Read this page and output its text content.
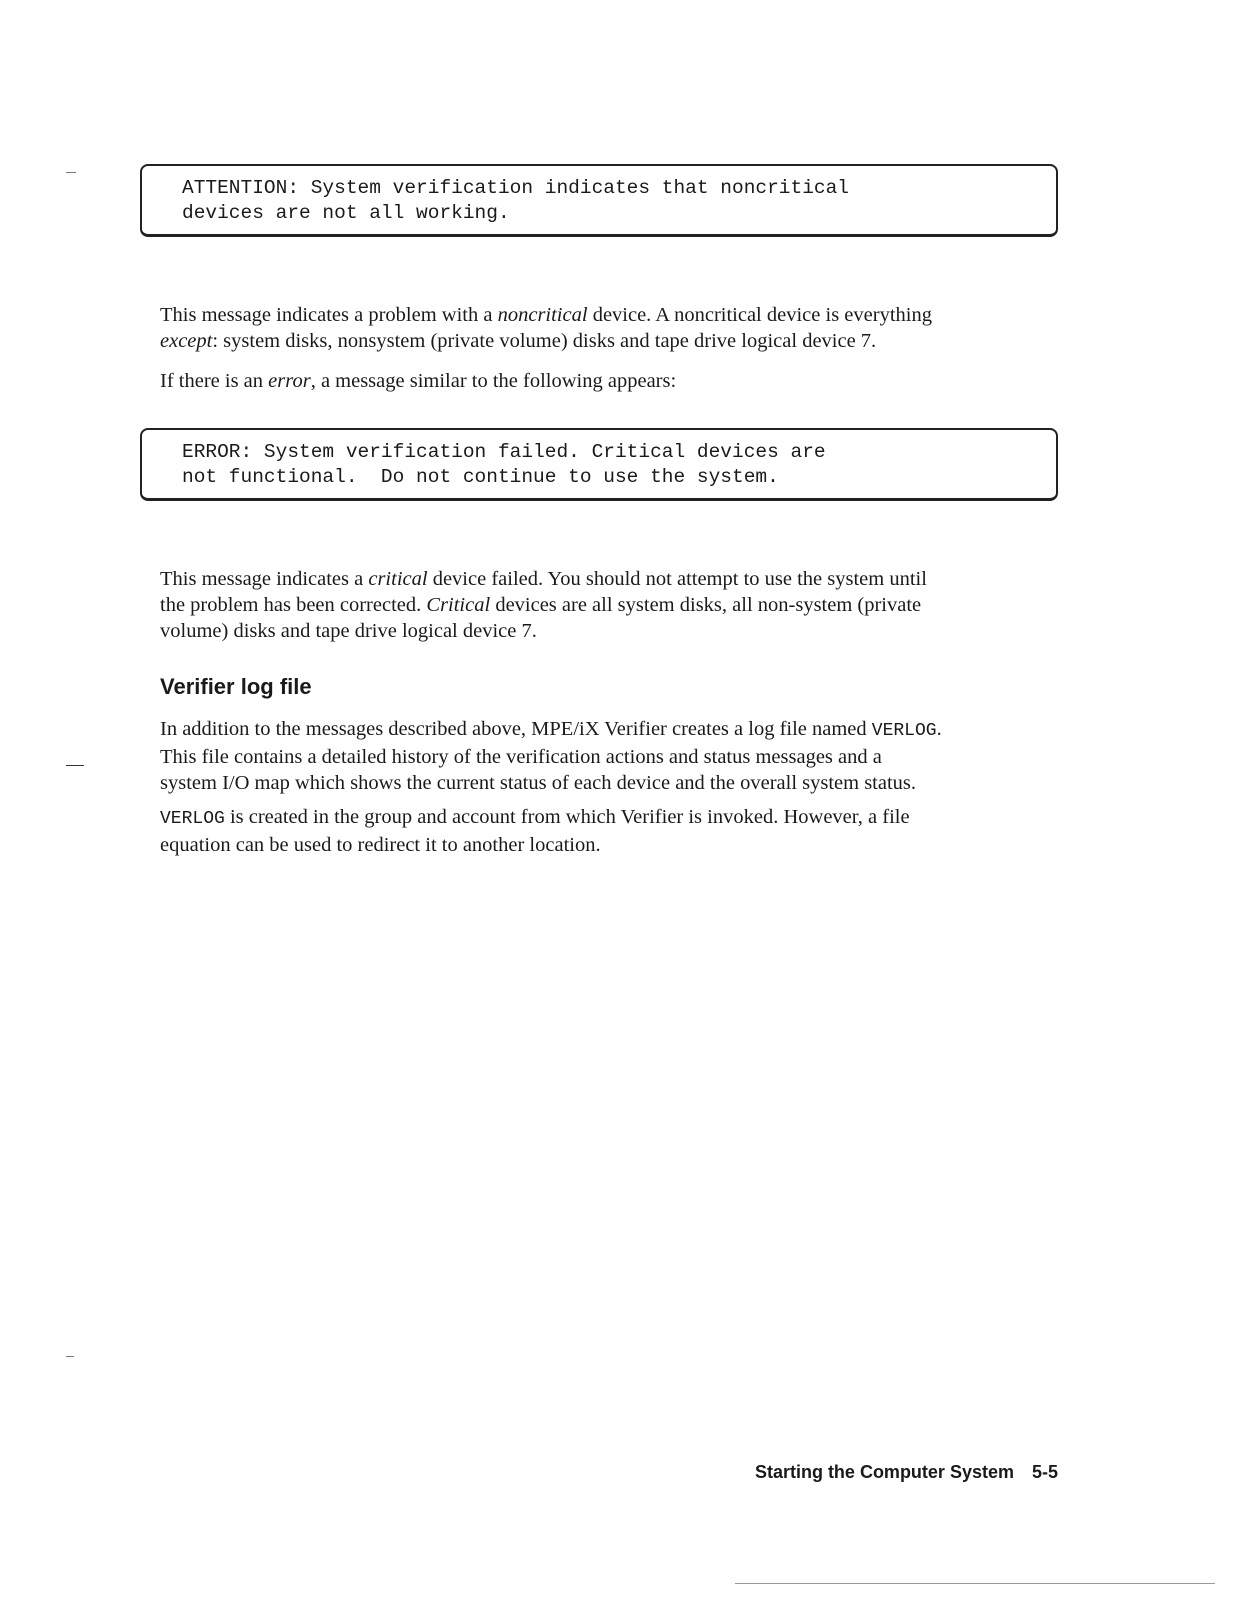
ATTENTION: System verification indicates that noncritical
devices are not all working.
This message indicates a problem with a noncritical device. A noncritical device is everything
except: system disks, nonsystem (private volume) disks and tape drive logical device 7.
If there is an error, a message similar to the following appears:
ERROR: System verification failed. Critical devices are
not functional.  Do not continue to use the system.
This message indicates a critical device failed. You should not attempt to use the system until
the problem has been corrected. Critical devices are all system disks, all non-system (private
volume) disks and tape drive logical device 7.
Verifier log file
In addition to the messages described above, MPE/iX Verifier creates a log file named VERLOG.
This file contains a detailed history of the verification actions and status messages and a
system I/O map which shows the current status of each device and the overall system status.
VERLOG is created in the group and account from which Verifier is invoked. However, a file
equation can be used to redirect it to another location.
Starting the Computer System 5-5
